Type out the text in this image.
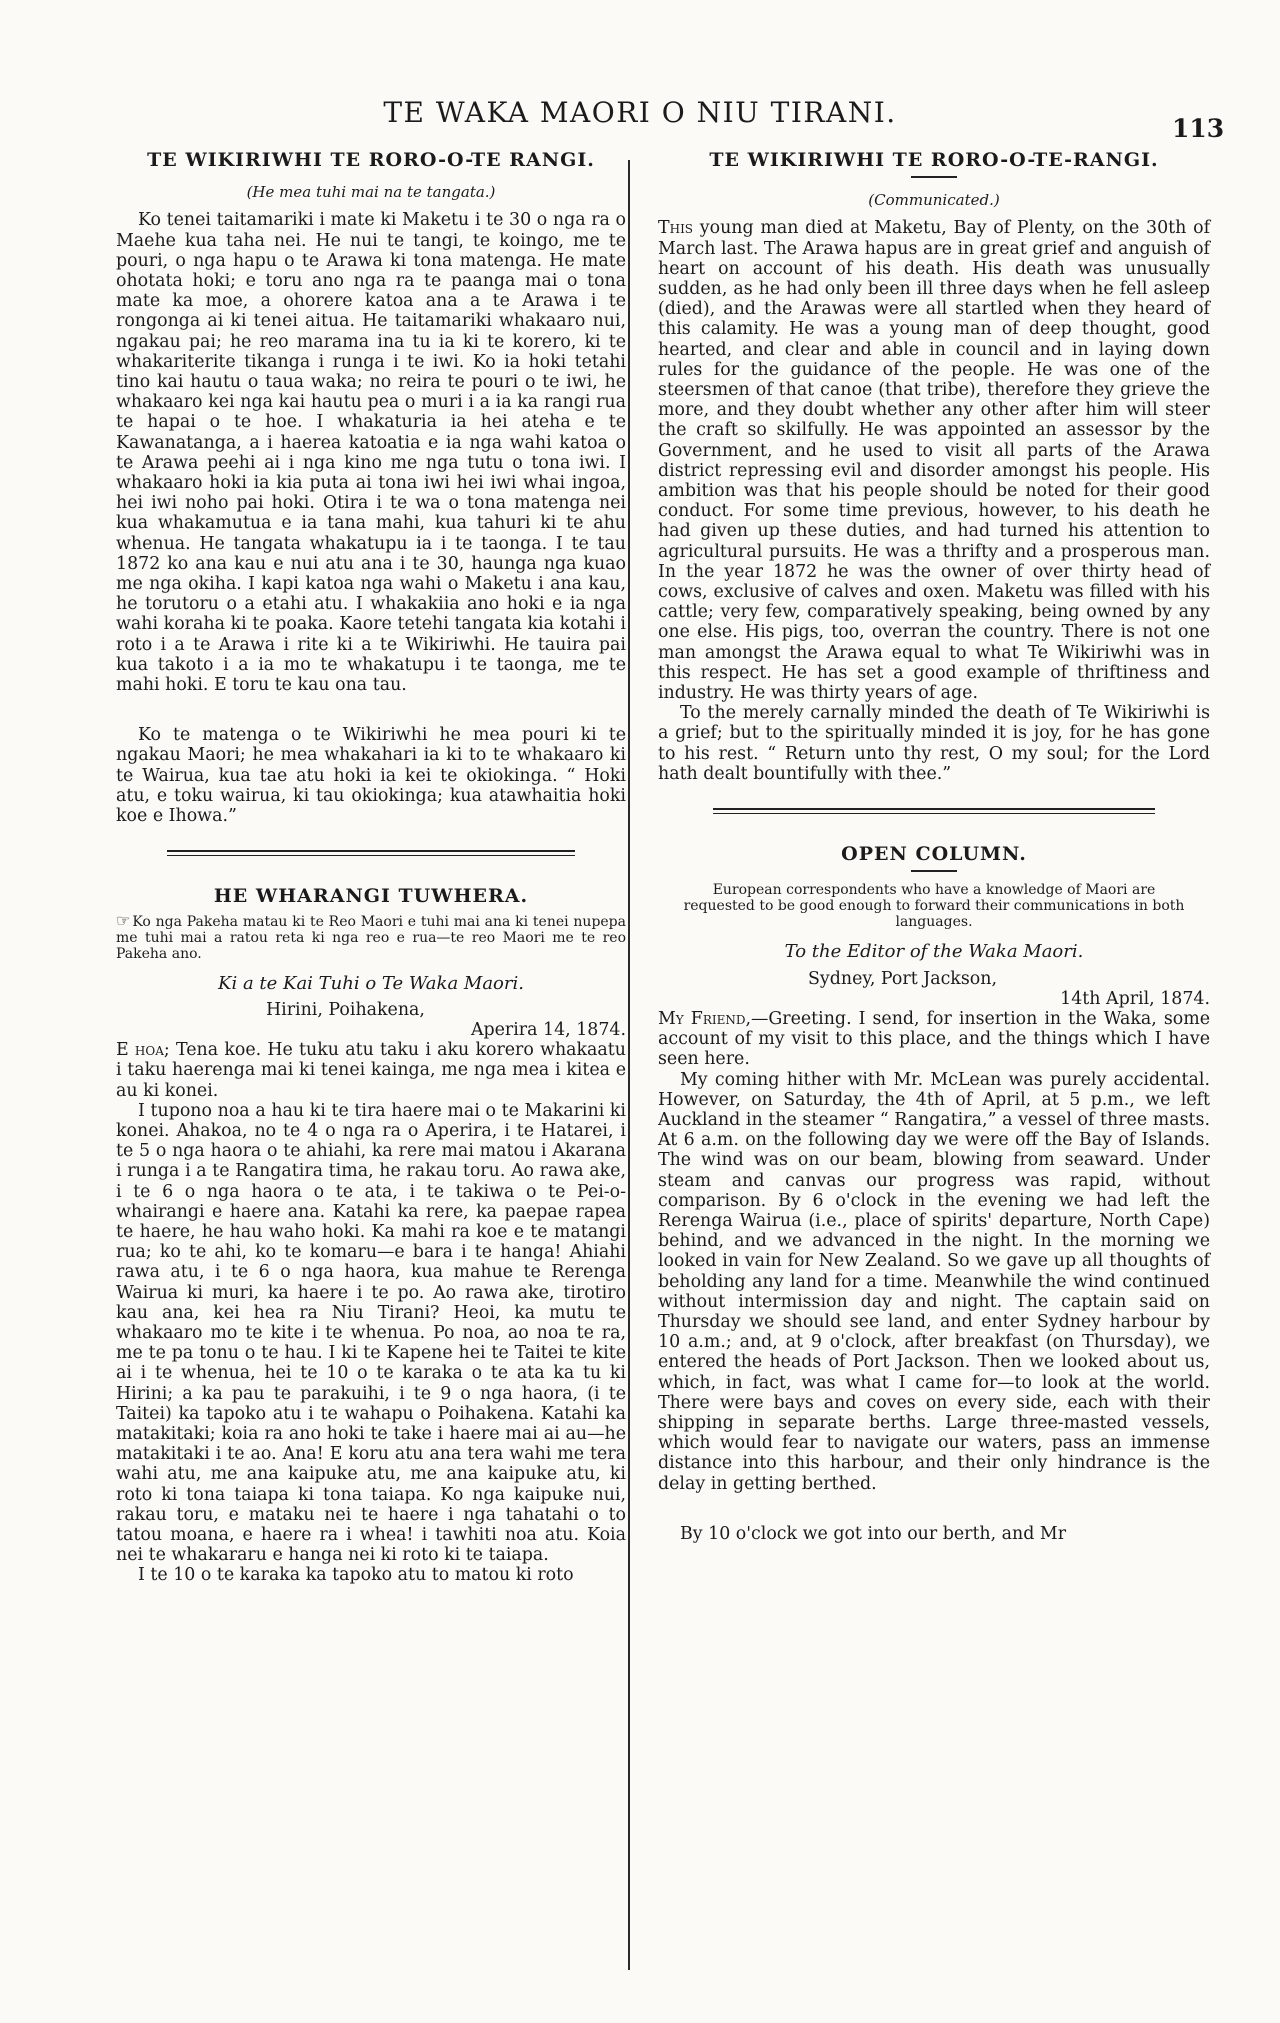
TE WAKA MAORI O NIU TIRANI.	113
TE WIKIRIWHI TE RORO-O-TE RANGI.
(He mea tuhi mai na te tangata.)

Ko tenei taitamariki i mate ki Maketu i te 30 o nga ra o Maehe kua taha nei. He nui te tangi, te koingo, me te pouri, o nga hapu o te Arawa ki tona matenga. He mate ohotata hoki; e toru ano nga ra te paanga mai o tona mate ka moe, a ohorere katoa ana a te Arawa i te rongonga ai ki tenei aitua. He taitamariki whakaaro nui, ngakau pai; he reo marama ina tu ia ki te korero, ki te whakariterite tikanga i runga i te iwi. Ko ia hoki tetahi tino kai hautu o taua waka; no reira te pouri o te iwi, he whakaaro kei nga kai hautu pea o muri i a ia ka rangi rua te hapai o te hoe. I whakaturia ia hei ateha e te Kawanatanga, a i haerea katoatia e ia nga wahi katoa o te Arawa peehi ai i nga kino me nga tutu o tona iwi. I whakaaro hoki ia kia puta ai tona iwi hei iwi whai ingoa, hei iwi noho pai hoki. Otira i te wa o tona matenga nei kua whakamutua e ia tana mahi, kua tahuri ki te ahu whenua. He tangata whakatupu ia i te taonga. I te tau 1872 ko ana kau e nui atu ana i te 30, haunga nga kuao me nga okiha. I kapi katoa nga wahi o Maketu i ana kau, he torutoru o a etahi atu. I whakakiia ano hoki e ia nga wahi koraha ki te poaka. Kaore tetehi tangata kia kotahi i roto i a te Arawa i rite ki a te Wikiriwhi. He tauira pai kua takoto i a ia mo te whakatupu i te taonga, me te mahi hoki. E toru te kau ona tau.

Ko te matenga o te Wikiriwhi he mea pouri ki te ngakau Maori; he mea whakahari ia ki to te whakaaro ki te Wairua, kua tae atu hoki ia kei te okiokinga. “ Hoki atu, e toku wairua, ki tau okiokinga; kua atawhaitia hoki koe e Ihowa.”

HE WHARANGI TUWHERA.
☞ Ko nga Pakeha matau ki te Reo Maori e tuhi mai ana ki tenei nupepa me tuhi mai a ratou reta ki nga reo e rua—te reo Maori me te reo Pakeha ano.
Ki a te Kai Tuhi o Te Waka Maori.

Hirini, Poihakena,

Aperira 14, 1874.

E hoa; Tena koe. He tuku atu taku i aku korero whakaatu i taku haerenga mai ki tenei kainga, me nga mea i kitea e au ki konei.

I tupono noa a hau ki te tira haere mai o te Makarini ki konei. Ahakoa, no te 4 o nga ra o Aperira, i te Hatarei, i te 5 o nga haora o te ahiahi, ka rere mai matou i Akarana i runga i a te Rangatira tima, he rakau toru. Ao rawa ake, i te 6 o nga haora o te ata, i te takiwa o te Pei-o-whairangi e haere ana. Katahi ka rere, ka paepae rapea te haere, he hau waho hoki. Ka mahi ra koe e te matangi rua; ko te ahi, ko te komaru—e bara i te hanga! Ahiahi rawa atu, i te 6 o nga haora, kua mahue te Rerenga Wairua ki muri, ka haere i te po. Ao rawa ake, tirotiro kau ana, kei hea ra Niu Tirani? Heoi, ka mutu te whakaaro mo te kite i te whenua. Po noa, ao noa te ra, me te pa tonu o te hau. I ki te Kapene hei te Taitei te kite ai i te whenua, hei te 10 o te karaka o te ata ka tu ki Hirini; a ka pau te parakuihi, i te 9 o nga haora, (i te Taitei) ka tapoko atu i te wahapu o Poihakena. Katahi ka matakitaki; koia ra ano hoki te take i haere mai ai au—he matakitaki i te ao. Ana! E koru atu ana tera wahi me tera wahi atu, me ana kaipuke atu, me ana kaipuke atu, ki roto ki tona taiapa ki tona taiapa. Ko nga kaipuke nui, rakau toru, e mataku nei te haere i nga tahatahi o to tatou moana, e haere ra i whea! i tawhiti noa atu. Koia nei te whakararu e hanga nei ki roto ki te taiapa.

I te 10 o te karaka ka tapoko atu to matou ki roto

TE WIKIRIWHI TE RORO-O-TE-RANGI.
(Communicated.)

This young man died at Maketu, Bay of Plenty, on the 30th of March last. The Arawa hapus are in great grief and anguish of heart on account of his death. His death was unusually sudden, as he had only been ill three days when he fell asleep (died), and the Arawas were all startled when they heard of this calamity. He was a young man of deep thought, good hearted, and clear and able in council and in laying down rules for the guidance of the people. He was one of the steersmen of that canoe (that tribe), therefore they grieve the more, and they doubt whether any other after him will steer the craft so skilfully. He was appointed an assessor by the Government, and he used to visit all parts of the Arawa district repressing evil and disorder amongst his people. His ambition was that his people should be noted for their good conduct. For some time previous, however, to his death he had given up these duties, and had turned his attention to agricultural pursuits. He was a thrifty and a prosperous man. In the year 1872 he was the owner of over thirty head of cows, exclusive of calves and oxen. Maketu was filled with his cattle; very few, comparatively speaking, being owned by any one else. His pigs, too, overran the country. There is not one man amongst the Arawa equal to what Te Wikiriwhi was in this respect. He has set a good example of thriftiness and industry. He was thirty years of age.

To the merely carnally minded the death of Te Wikiriwhi is a grief; but to the spiritually minded it is joy, for he has gone to his rest. “ Return unto thy rest, O my soul; for the Lord hath dealt bountifully with thee.”

OPEN COLUMN.
European correspondents who have a knowledge of Maori are requested to be good enough to forward their communications in both languages.
To the Editor of the Waka Maori.

Sydney, Port Jackson,

14th April, 1874.

My Friend,—Greeting. I send, for insertion in the Waka, some account of my visit to this place, and the things which I have seen here.

My coming hither with Mr. McLean was purely accidental. However, on Saturday, the 4th of April, at 5 p.m., we left Auckland in the steamer “ Rangatira,” a vessel of three masts. At 6 a.m. on the following day we were off the Bay of Islands. The wind was on our beam, blowing from seaward. Under steam and canvas our progress was rapid, without comparison. By 6 o'clock in the evening we had left the Rerenga Wairua (i.e., place of spirits' departure, North Cape) behind, and we advanced in the night. In the morning we looked in vain for New Zealand. So we gave up all thoughts of beholding any land for a time. Meanwhile the wind continued without intermission day and night. The captain said on Thursday we should see land, and enter Sydney harbour by 10 a.m.; and, at 9 o'clock, after breakfast (on Thursday), we entered the heads of Port Jackson. Then we looked about us, which, in fact, was what I came for—to look at the world. There were bays and coves on every side, each with their shipping in separate berths. Large three-masted vessels, which would fear to navigate our waters, pass an immense distance into this harbour, and their only hindrance is the delay in getting berthed.

By 10 o'clock we got into our berth, and Mr
